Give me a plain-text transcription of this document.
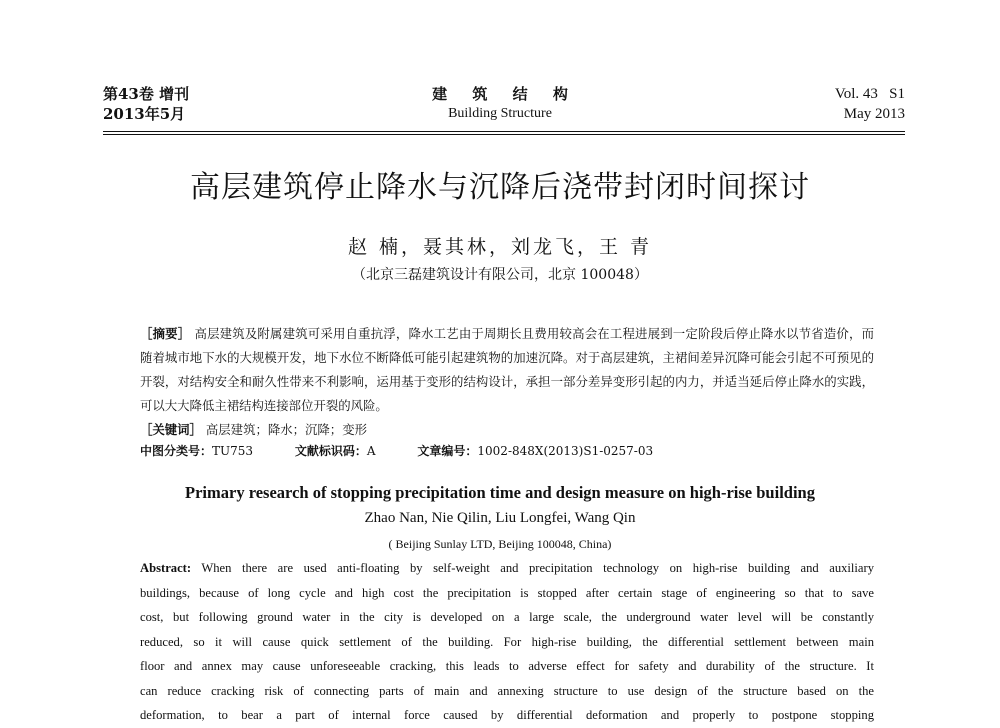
第43卷 增刊
2013年5月
建 筑 结 构
Building Structure
Vol. 43   S1
May 2013
高层建筑停止降水与沉降后浇带封闭时间探讨
赵 楠，聂其林，刘龙飞，王 青
（北京三磊建筑设计有限公司，北京 100048）
［摘要］ 高层建筑及附属建筑可采用自重抗浮，降水工艺由于周期长且费用较高会在工程进展到一定阶段后停止降水以节省造价，而随着城市地下水的大规模开发，地下水位不断降低可能引起建筑物的加速沉降。对于高层建筑，主裙间差异沉降可能会引起不可预见的开裂，对结构安全和耐久性带来不利影响，运用基于变形的结构设计，承担一部分差异变形引起的内力，并适当延后停止降水的实践，可以大大降低主裙结构连接部位开裂的风险。
［关键词］ 高层建筑；降水；沉降；变形
中图分类号：TU753	文献标识码：A	文章编号：1002-848X(2013)S1-0257-03
Primary research of stopping precipitation time and design measure on high-rise building
Zhao Nan, Nie Qilin, Liu Longfei, Wang Qin
( Beijing Sunlay LTD, Beijing 100048, China)
Abstract: When there are used anti-floating by self-weight and precipitation technology on high-rise building and auxiliary
buildings, because of long cycle and high cost the precipitation is stopped after certain stage of engineering so that to save
cost, but following ground water in the city is developed on a large scale, the underground water level will be constantly
reduced, so it will cause quick settlement of the building. For high-rise building, the differential settlement between main
floor and annex may cause unforeseeable cracking, this leads to adverse effect for safety and durability of the structure. It
can reduce cracking risk of connecting parts of main and annexing structure to use design of the structure based on the
deformation, to bear a part of internal force caused by differential deformation and properly to postpone stopping
